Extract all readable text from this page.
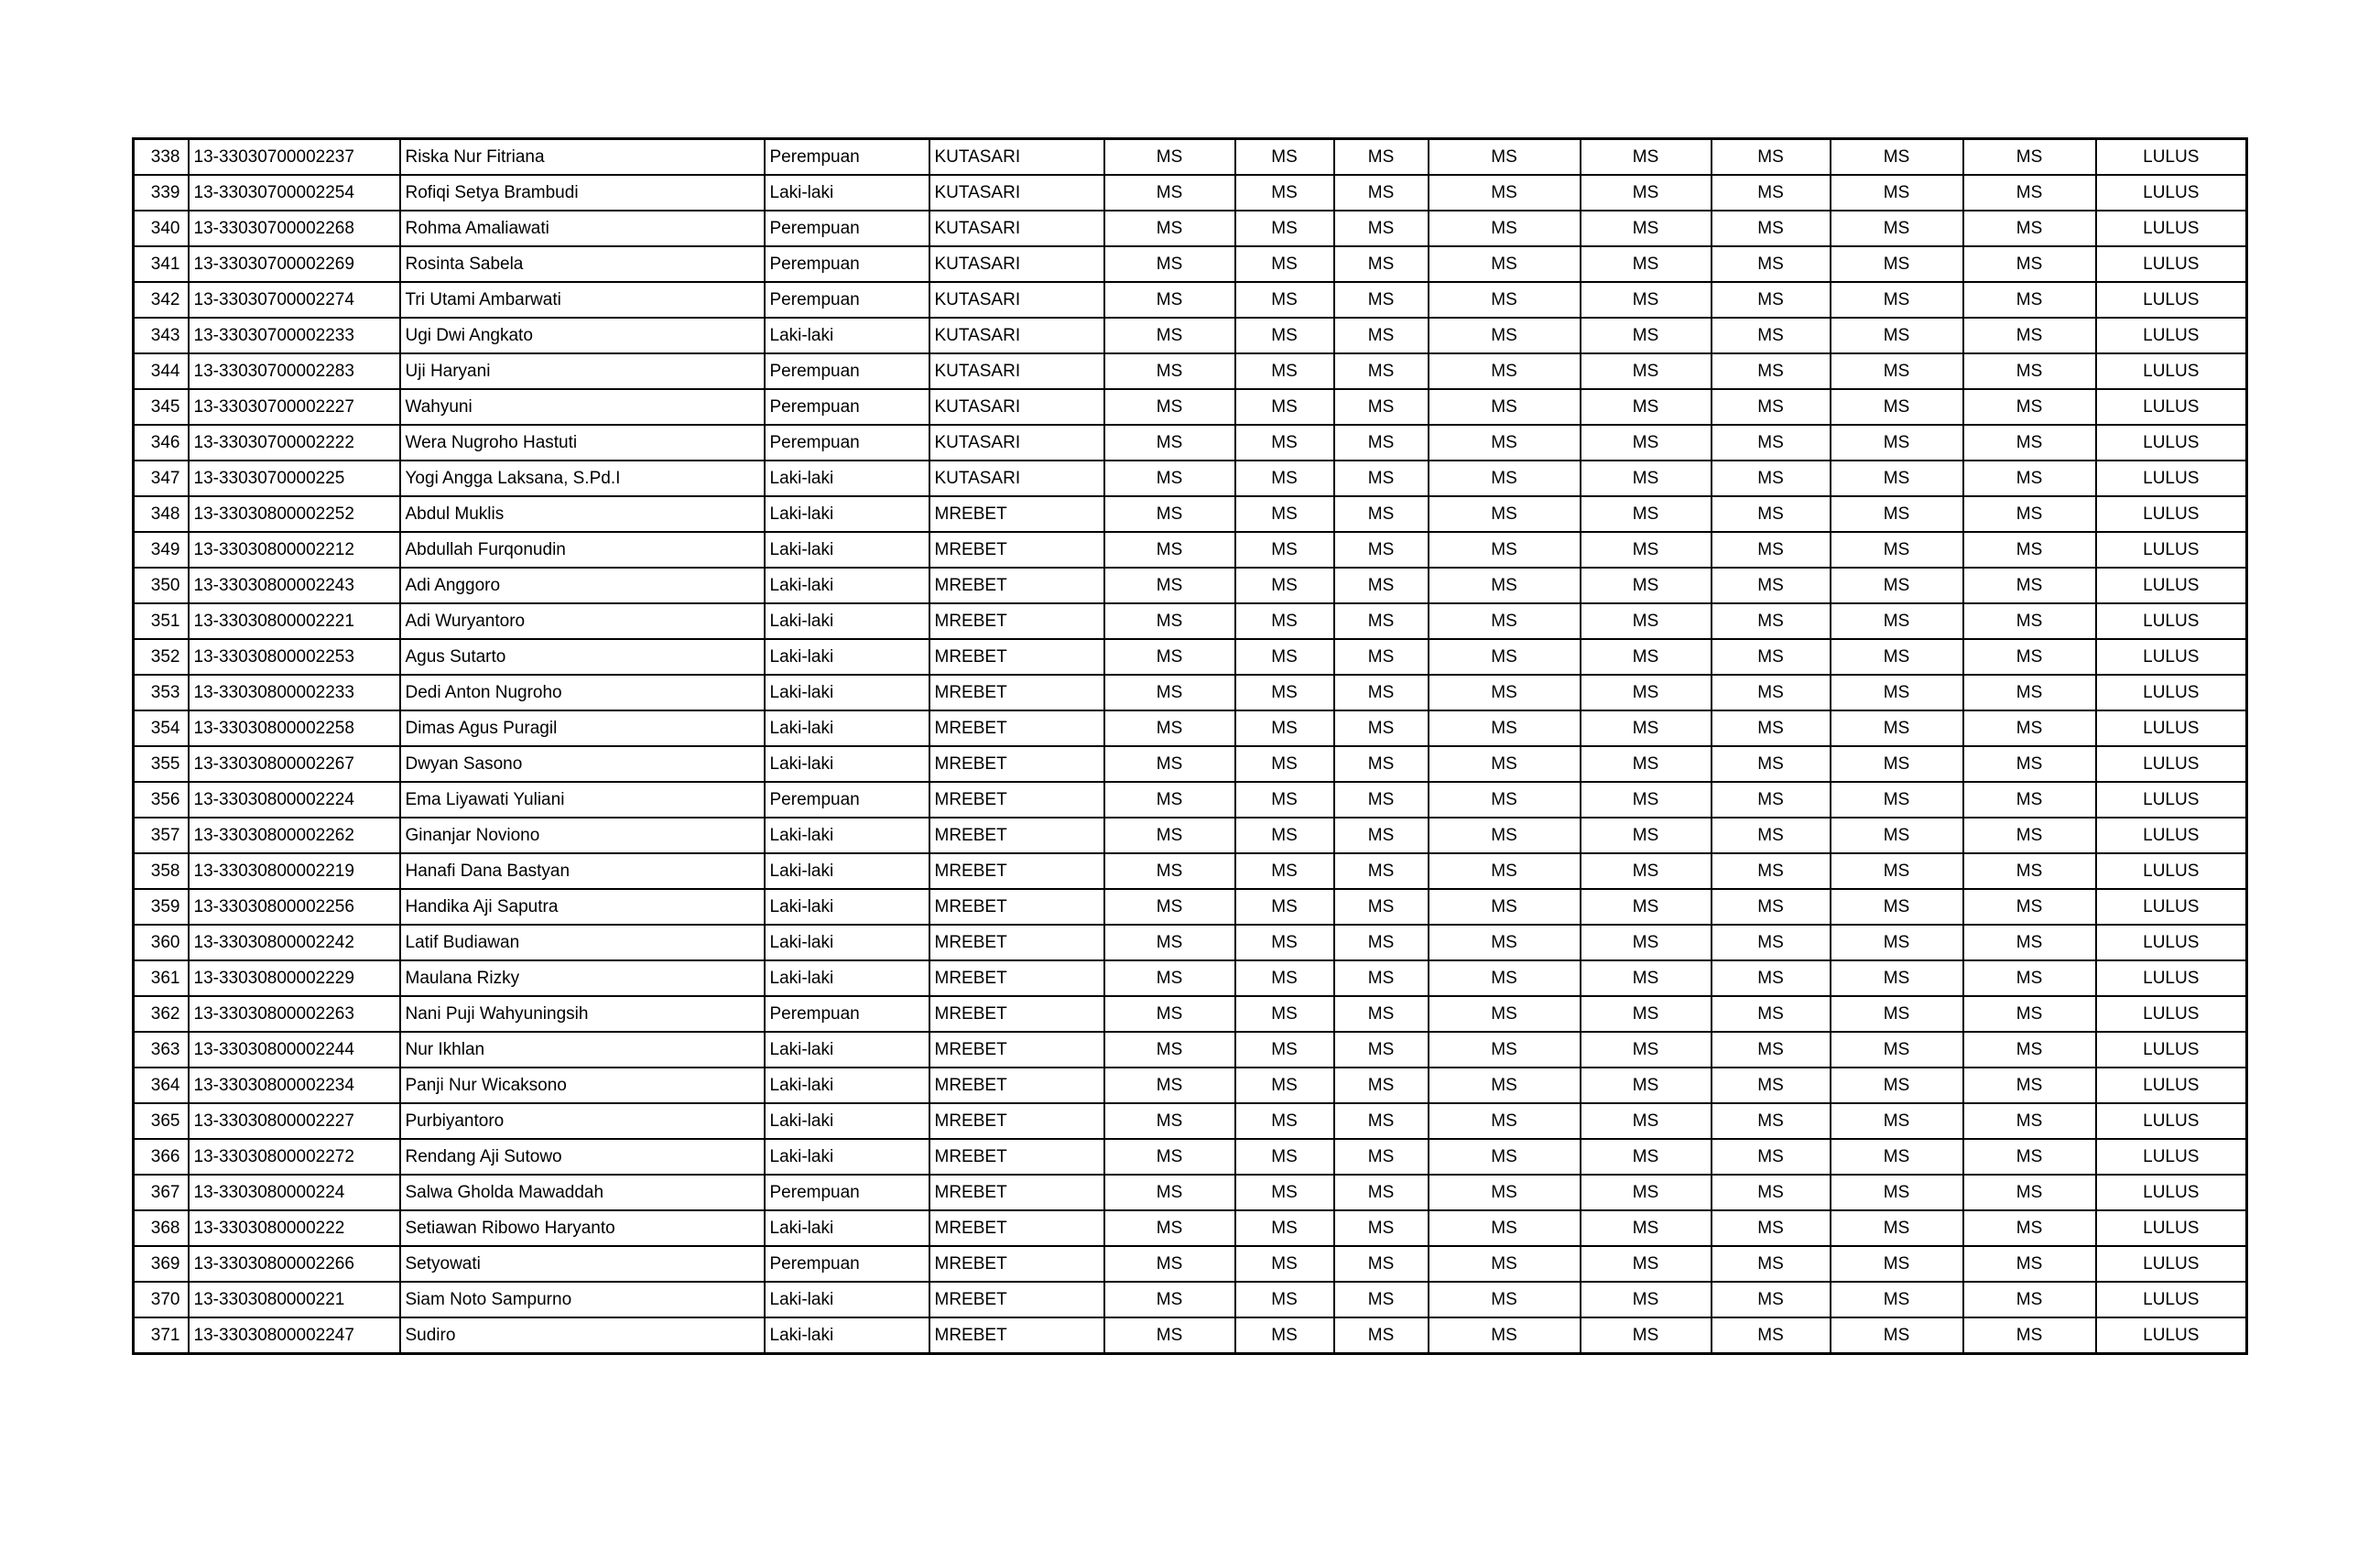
338	13-33030700002237	Riska Nur Fitriana	Perempuan	KUTASARI	MS	MS	MS	MS	MS	MS	MS	MS	LULUS
339	13-33030700002254	Rofiqi Setya Brambudi	Laki-laki	KUTASARI	MS	MS	MS	MS	MS	MS	MS	MS	LULUS
340	13-33030700002268	Rohma Amaliawati	Perempuan	KUTASARI	MS	MS	MS	MS	MS	MS	MS	MS	LULUS
341	13-33030700002269	Rosinta Sabela	Perempuan	KUTASARI	MS	MS	MS	MS	MS	MS	MS	MS	LULUS
342	13-33030700002274	Tri Utami Ambarwati	Perempuan	KUTASARI	MS	MS	MS	MS	MS	MS	MS	MS	LULUS
343	13-33030700002233	Ugi Dwi Angkato	Laki-laki	KUTASARI	MS	MS	MS	MS	MS	MS	MS	MS	LULUS
344	13-33030700002283	Uji Haryani	Perempuan	KUTASARI	MS	MS	MS	MS	MS	MS	MS	MS	LULUS
345	13-33030700002227	Wahyuni	Perempuan	KUTASARI	MS	MS	MS	MS	MS	MS	MS	MS	LULUS
346	13-33030700002222	Wera Nugroho Hastuti	Perempuan	KUTASARI	MS	MS	MS	MS	MS	MS	MS	MS	LULUS
347	13-3303070000225	Yogi Angga Laksana, S.Pd.I	Laki-laki	KUTASARI	MS	MS	MS	MS	MS	MS	MS	MS	LULUS
348	13-33030800002252	Abdul Muklis	Laki-laki	MREBET	MS	MS	MS	MS	MS	MS	MS	MS	LULUS
349	13-33030800002212	Abdullah Furqonudin	Laki-laki	MREBET	MS	MS	MS	MS	MS	MS	MS	MS	LULUS
350	13-33030800002243	Adi Anggoro	Laki-laki	MREBET	MS	MS	MS	MS	MS	MS	MS	MS	LULUS
351	13-33030800002221	Adi Wuryantoro	Laki-laki	MREBET	MS	MS	MS	MS	MS	MS	MS	MS	LULUS
352	13-33030800002253	Agus Sutarto	Laki-laki	MREBET	MS	MS	MS	MS	MS	MS	MS	MS	LULUS
353	13-33030800002233	Dedi Anton Nugroho	Laki-laki	MREBET	MS	MS	MS	MS	MS	MS	MS	MS	LULUS
354	13-33030800002258	Dimas Agus Puragil	Laki-laki	MREBET	MS	MS	MS	MS	MS	MS	MS	MS	LULUS
355	13-33030800002267	Dwyan Sasono	Laki-laki	MREBET	MS	MS	MS	MS	MS	MS	MS	MS	LULUS
356	13-33030800002224	Ema Liyawati Yuliani	Perempuan	MREBET	MS	MS	MS	MS	MS	MS	MS	MS	LULUS
357	13-33030800002262	Ginanjar Noviono	Laki-laki	MREBET	MS	MS	MS	MS	MS	MS	MS	MS	LULUS
358	13-33030800002219	Hanafi Dana Bastyan	Laki-laki	MREBET	MS	MS	MS	MS	MS	MS	MS	MS	LULUS
359	13-33030800002256	Handika Aji Saputra	Laki-laki	MREBET	MS	MS	MS	MS	MS	MS	MS	MS	LULUS
360	13-33030800002242	Latif Budiawan	Laki-laki	MREBET	MS	MS	MS	MS	MS	MS	MS	MS	LULUS
361	13-33030800002229	Maulana Rizky	Laki-laki	MREBET	MS	MS	MS	MS	MS	MS	MS	MS	LULUS
362	13-33030800002263	Nani Puji Wahyuningsih	Perempuan	MREBET	MS	MS	MS	MS	MS	MS	MS	MS	LULUS
363	13-33030800002244	Nur Ikhlan	Laki-laki	MREBET	MS	MS	MS	MS	MS	MS	MS	MS	LULUS
364	13-33030800002234	Panji Nur Wicaksono	Laki-laki	MREBET	MS	MS	MS	MS	MS	MS	MS	MS	LULUS
365	13-33030800002227	Purbiyantoro	Laki-laki	MREBET	MS	MS	MS	MS	MS	MS	MS	MS	LULUS
366	13-33030800002272	Rendang Aji Sutowo	Laki-laki	MREBET	MS	MS	MS	MS	MS	MS	MS	MS	LULUS
367	13-3303080000224	Salwa Gholda Mawaddah	Perempuan	MREBET	MS	MS	MS	MS	MS	MS	MS	MS	LULUS
368	13-3303080000222	Setiawan Ribowo Haryanto	Laki-laki	MREBET	MS	MS	MS	MS	MS	MS	MS	MS	LULUS
369	13-33030800002266	Setyowati	Perempuan	MREBET	MS	MS	MS	MS	MS	MS	MS	MS	LULUS
370	13-3303080000221	Siam Noto Sampurno	Laki-laki	MREBET	MS	MS	MS	MS	MS	MS	MS	MS	LULUS
371	13-33030800002247	Sudiro	Laki-laki	MREBET	MS	MS	MS	MS	MS	MS	MS	MS	LULUS
